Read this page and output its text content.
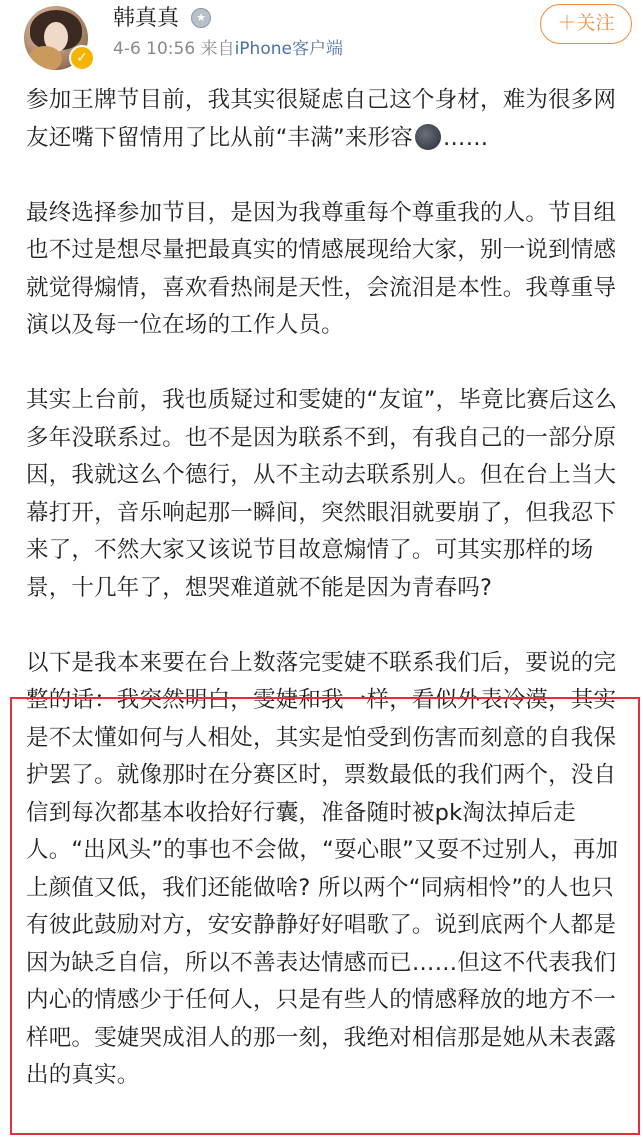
✓
韩真真	★
4-6 10:56 来自iPhone客户端
＋关注

参加王牌节目前，我其实很疑虑自己这个身材，难为很多网友还嘴下留情用了比从前“丰满”来形容 ……

最终选择参加节目，是因为我尊重每个尊重我的人。节目组也不过是想尽量把最真实的情感展现给大家，别一说到情感就觉得煽情，喜欢看热闹是天性，会流泪是本性。我尊重导演以及每一位在场的工作人员。

其实上台前，我也质疑过和雯婕的“友谊”，毕竟比赛后这么多年没联系过。也不是因为联系不到，有我自己的一部分原因，我就这么个德行，从不主动去联系别人。但在台上当大幕打开，音乐响起那一瞬间，突然眼泪就要崩了，但我忍下来了，不然大家又该说节目故意煽情了。可其实那样的场景，十几年了，想哭难道就不能是因为青春吗?

以下是我本来要在台上数落完雯婕不联系我们后，要说的完整的话：我突然明白，雯婕和我一样，看似外表冷漠，其实是不太懂如何与人相处，其实是怕受到伤害而刻意的自我保护罢了。就像那时在分赛区时，票数最低的我们两个，没自信到每次都基本收拾好行囊，准备随时被pk淘汰掉后走人。“出风头”的事也不会做，“耍心眼”又耍不过别人，再加上颜值又低，我们还能做啥? 所以两个“同病相怜”的人也只有彼此鼓励对方，安安静静好好唱歌了。说到底两个人都是因为缺乏自信，所以不善表达情感而已……但这不代表我们内心的情感少于任何人，只是有些人的情感释放的地方不一样吧。雯婕哭成泪人的那一刻，我绝对相信那是她从未表露出的真实。
